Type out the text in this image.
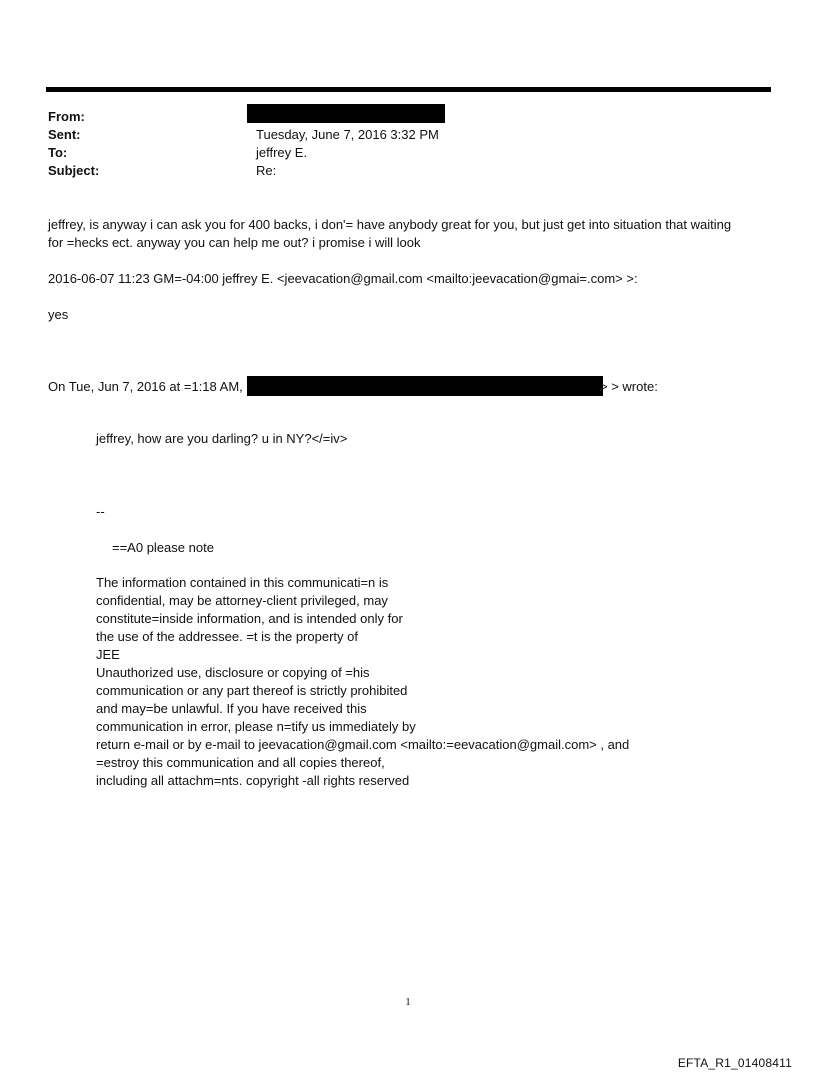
From:
Sent:	Tuesday, June 7, 2016 3:32 PM
To:	jeffrey E.
Subject:	Re:
jeffrey, is anyway i can ask you for 400 backs, i don'= have anybody great for you, but just get into situation that waiting
for =hecks ect. anyway you can help me out? i promise i will look
2016-06-07 11:23 GM=-04:00 jeffrey E. <jeevacation@gmail.com <mailto:jeevacation@gmai=.com> >:
yes
On Tue, Jun 7, 2016 at =1:18 AM,	> > wrote:
jeffrey, how are you darling? u in NY?</=iv>
--
==A0 please note
The information contained in this communicati=n is
confidential, may be attorney-client privileged, may
constitute=inside information, and is intended only for
the use of the addressee. =t is the property of
JEE
Unauthorized use, disclosure or copying of =his
communication or any part thereof is strictly prohibited
and may=be unlawful. If you have received this
communication in error, please n=tify us immediately by
return e-mail or by e-mail to jeevacation@gmail.com <mailto:=eevacation@gmail.com> , and
=estroy this communication and all copies thereof,
including all attachm=nts. copyright -all rights reserved
1
EFTA_R1_01408411
